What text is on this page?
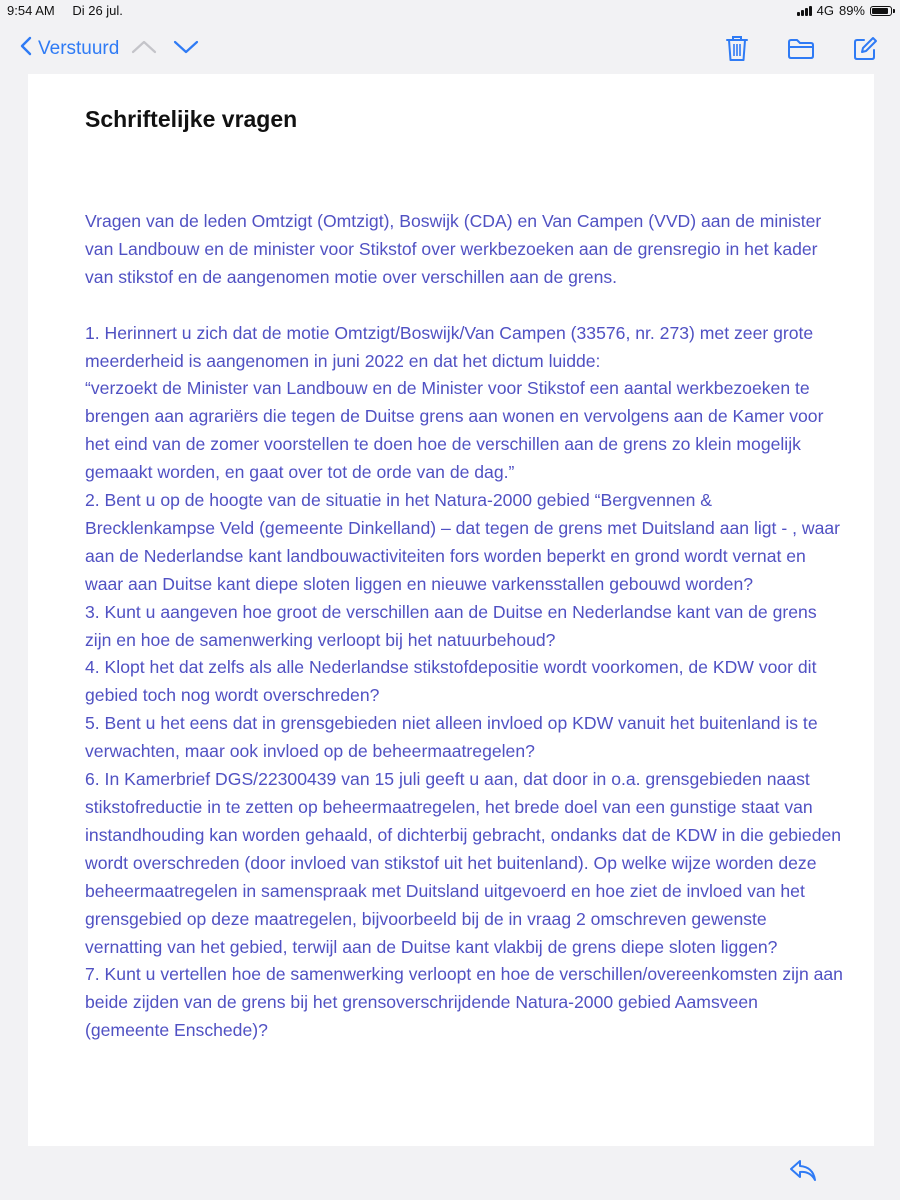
9:54 AM Di 26 jul.	4G 89%
Verstuurd
Schriftelijke vragen

Vragen van de leden Omtzigt (Omtzigt), Boswijk (CDA) en Van Campen (VVD) aan de minister van Landbouw en de minister voor Stikstof over werkbezoeken aan de grensregio in het kader van stikstof en de aangenomen motie over verschillen aan de grens.

1. Herinnert u zich dat de motie Omtzigt/Boswijk/Van Campen (33576, nr. 273) met zeer grote meerderheid is aangenomen in juni 2022 en dat het dictum luidde:

“verzoekt de Minister van Landbouw en de Minister voor Stikstof een aantal werkbezoeken te brengen aan agrariërs die tegen de Duitse grens aan wonen en vervolgens aan de Kamer voor het eind van de zomer voorstellen te doen hoe de verschillen aan de grens zo klein mogelijk gemaakt worden, en gaat over tot de orde van de dag.”

2. Bent u op de hoogte van de situatie in het Natura-2000 gebied “Bergvennen & Brecklenkampse Veld (gemeente Dinkelland) – dat tegen de grens met Duitsland aan ligt - , waar aan de Nederlandse kant landbouwactiviteiten fors worden beperkt en grond wordt vernat en waar aan Duitse kant diepe sloten liggen en nieuwe varkensstallen gebouwd worden?

3. Kunt u aangeven hoe groot de verschillen aan de Duitse en Nederlandse kant van de grens zijn en hoe de samenwerking verloopt bij het natuurbehoud?

4. Klopt het dat zelfs als alle Nederlandse stikstofdepositie wordt voorkomen, de KDW voor dit gebied toch nog wordt overschreden?

5. Bent u het eens dat in grensgebieden niet alleen invloed op KDW vanuit het buitenland is te verwachten, maar ook invloed op de beheermaatregelen?

6. In Kamerbrief DGS/22300439 van 15 juli geeft u aan, dat door in o.a. grensgebieden naast stikstofreductie in te zetten op beheermaatregelen, het brede doel van een gunstige staat van instandhouding kan worden gehaald, of dichterbij gebracht, ondanks dat de KDW in die gebieden wordt overschreden (door invloed van stikstof uit het buitenland). Op welke wijze worden deze beheermaatregelen in samenspraak met Duitsland uitgevoerd en hoe ziet de invloed van het grensgebied op deze maatregelen, bijvoorbeeld bij de in vraag 2 omschreven gewenste vernatting van het gebied, terwijl aan de Duitse kant vlakbij de grens diepe sloten liggen?

7. Kunt u vertellen hoe de samenwerking verloopt en hoe de verschillen/overeenkomsten zijn aan beide zijden van de grens bij het grensoverschrijdende Natura-2000 gebied Aamsveen (gemeente Enschede)?
